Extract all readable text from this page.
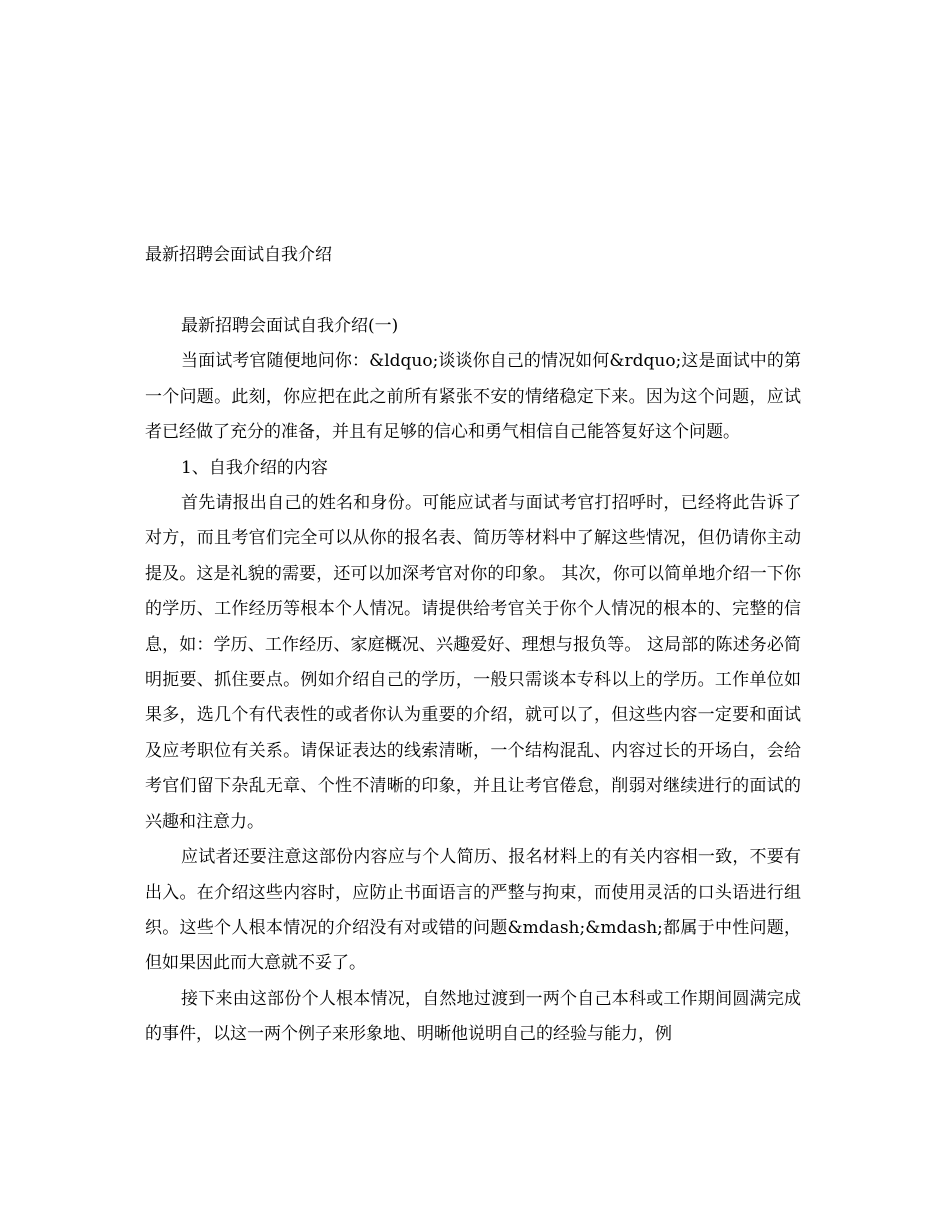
最新招聘会面试自我介绍

最新招聘会面试自我介绍(一)

当面试考官随便地问你：&ldquo;谈谈你自己的情况如何&rdquo;这是面试中的第一个问题。此刻，你应把在此之前所有紧张不安的情绪稳定下来。因为这个问题，应试者已经做了充分的准备，并且有足够的信心和勇气相信自己能答复好这个问题。

1、自我介绍的内容

首先请报出自己的姓名和身份。可能应试者与面试考官打招呼时，已经将此告诉了对方，而且考官们完全可以从你的报名表、简历等材料中了解这些情况，但仍请你主动提及。这是礼貌的需要，还可以加深考官对你的印象。 其次，你可以简单地介绍一下你的学历、工作经历等根本个人情况。请提供给考官关于你个人情况的根本的、完整的信息，如：学历、工作经历、家庭概况、兴趣爱好、理想与报负等。 这局部的陈述务必简明扼要、抓住要点。例如介绍自己的学历，一般只需谈本专科以上的学历。工作单位如果多，选几个有代表性的或者你认为重要的介绍，就可以了，但这些内容一定要和面试及应考职位有关系。请保证表达的线索清晰，一个结构混乱、内容过长的开场白，会给考官们留下杂乱无章、个性不清晰的印象，并且让考官倦怠，削弱对继续进行的面试的兴趣和注意力。

应试者还要注意这部份内容应与个人简历、报名材料上的有关内容相一致，不要有出入。在介绍这些内容时，应防止书面语言的严整与拘束，而使用灵活的口头语进行组织。这些个人根本情况的介绍没有对或错的问题&mdash;&mdash;都属于中性问题，但如果因此而大意就不妥了。

接下来由这部份个人根本情况，自然地过渡到一两个自己本科或工作期间圆满完成的事件，以这一两个例子来形象地、明晰他说明自己的经验与能力，例
